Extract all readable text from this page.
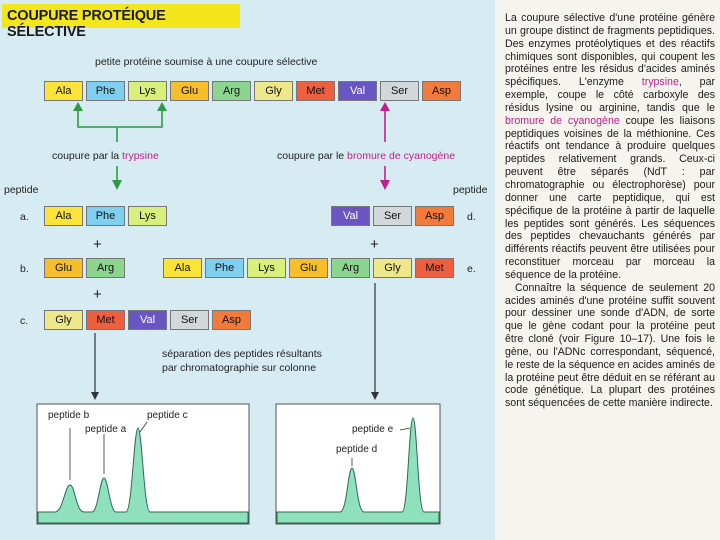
COUPURE PROTÉIQUE SÉLECTIVE
petite protéine soumise à une coupure sélective
Ala	Phe	Lys	Glu	Arg	Gly	Met	Val	Ser	Asp
coupure par la trypsine	coupure par le bromure de cyanogène
peptide	peptide
a.
b.
c.
d.
e.
Ala	Phe	Lys
Glu	Arg
Gly	Met	Val	Ser	Asp
Val	Ser	Asp
Ala	Phe	Lys	Glu	Arg	Gly	Met
+
+
+
séparation des peptides résultants
par chromatographie sur colonne
peptide b
peptide a
peptide c
peptide e
peptide d

La coupure sélective d'une protéine génère un groupe distinct de fragments peptidiques. Des enzymes protéolytiques et des réactifs chimiques sont disponibles, qui coupent les protéines entre les résidus d'acides aminés spécifiques. L'enzyme trypsine, par exemple, coupe le côté carboxyle des résidus lysine ou arginine, tandis que le bromure de cyanogène coupe les liaisons peptidiques voisines de la méthionine. Ces réactifs ont tendance à produire quelques peptides relativement grands. Ceux-ci peuvent être séparés (NdT : par chromatographie ou électrophorèse) pour donner une carte peptidique, qui est spécifique de la protéine à partir de laquelle les peptides sont générés. Les séquences des peptides chevauchants générés par différents réactifs peuvent être utilisées pour reconstituer morceau par morceau la séquence de la protéine.

Connaître la séquence de seulement 20 acides aminés d'une protéine suffit souvent pour dessiner une sonde d'ADN, de sorte que le gène codant pour la protéine peut être cloné (voir Figure 10–17). Une fois le gène, ou l'ADNc correspondant, séquencé, le reste de la séquence en acides aminés de la protéine peut être déduit en se référant au code génétique. La plupart des protéines sont séquencées de cette manière indirecte.
